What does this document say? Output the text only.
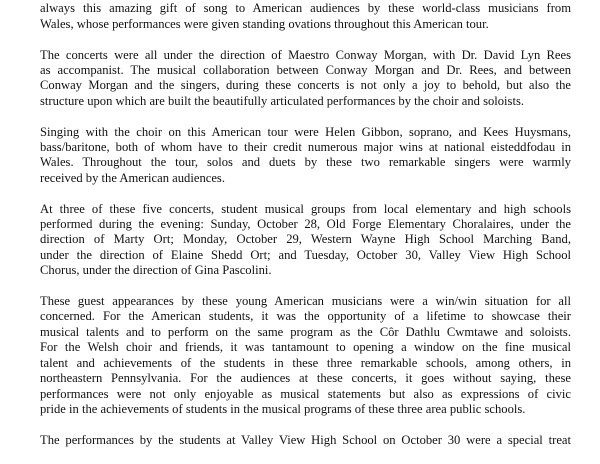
always this amazing gift of song to American audiences by these world-class musicians from
Wales, whose performances were given standing ovations throughout this American tour.

The concerts were all under the direction of Maestro Conway Morgan, with Dr. David Lyn Rees
as accompanist. The musical collaboration between Conway Morgan and Dr. Rees, and between
Conway Morgan and the singers, during these concerts is not only a joy to behold, but also the
structure upon which are built the beautifully articulated performances by the choir and soloists.

Singing with the choir on this American tour were Helen Gibbon, soprano, and Kees Huysmans,
bass/baritone, both of whom have to their credit numerous major wins at national eisteddfodau in
Wales. Throughout the tour, solos and duets by these two remarkable singers were warmly
received by the American audiences.

At three of these five concerts, student musical groups from local elementary and high schools
performed during the evening: Sunday, October 28, Old Forge Elementary Choralaires, under the
direction of Marty Ort; Monday, October 29, Western Wayne High School Marching Band,
under the direction of Elaine Shedd Ort; and Tuesday, October 30, Valley View High School
Chorus, under the direction of Gina Pascolini.

These guest appearances by these young American musicians were a win/win situation for all
concerned. For the American students, it was the opportunity of a lifetime to showcase their
musical talents and to perform on the same program as the Côr Dathlu Cwmtawe and soloists.
For the Welsh choir and friends, it was tantamount to opening a window on the fine musical
talent and achievements of the students in these three remarkable schools, among others, in
northeastern Pennsylvania. For the audiences at these concerts, it goes without saying, these
performances were not only enjoyable as musical statements but also as expressions of civic
pride in the achievements of students in the musical programs of these three area public schools.

The performances by the students at Valley View High School on October 30 were a special treat
